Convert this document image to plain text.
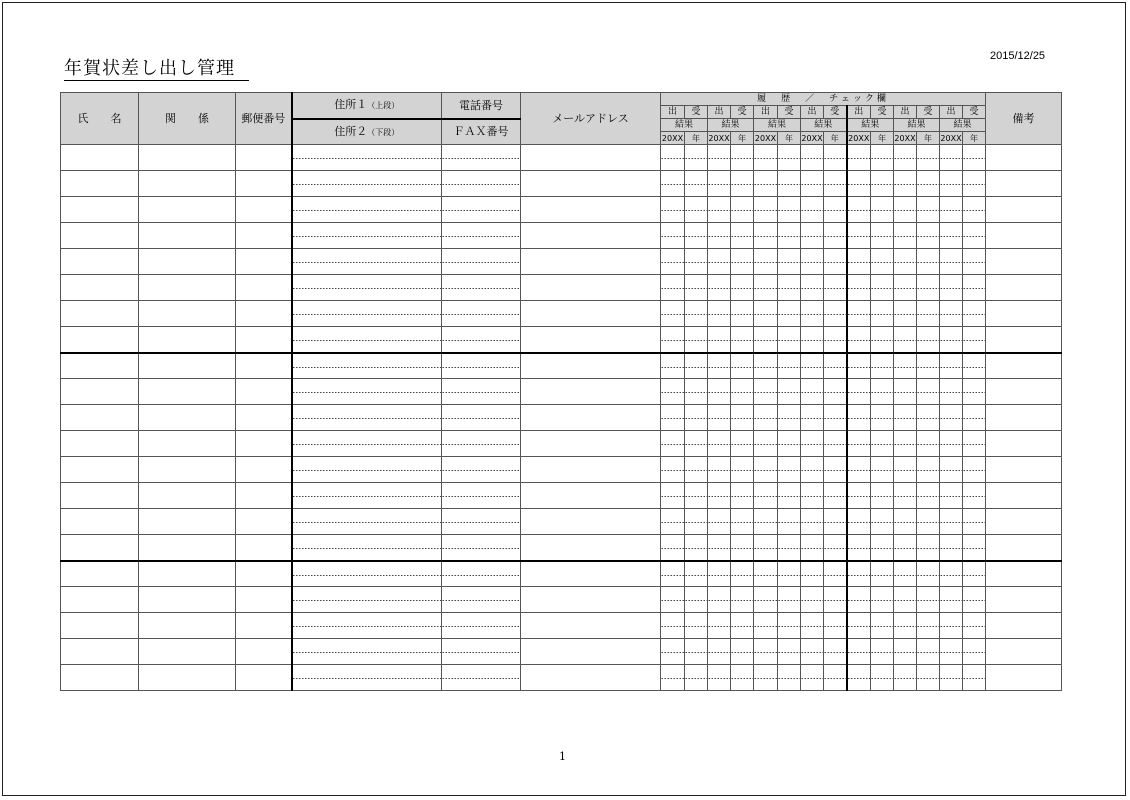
年賀状差し出し管理
2015/12/25
氏　　名	関　　係	郵便番号	住所１（上段）	電話番号	メールアドレス	履　歴　／　チェック欄														備考
						出	受	出	受	出	受	出	受	出	受	出	受	出	受	
			住所２（下段）	ＦＡＸ番号		結果		結果		結果		結果		結果		結果		結果		
						20XX	年	20XX	年	20XX	年	20XX	年	20XX	年	20XX	年	20XX	年	

1
